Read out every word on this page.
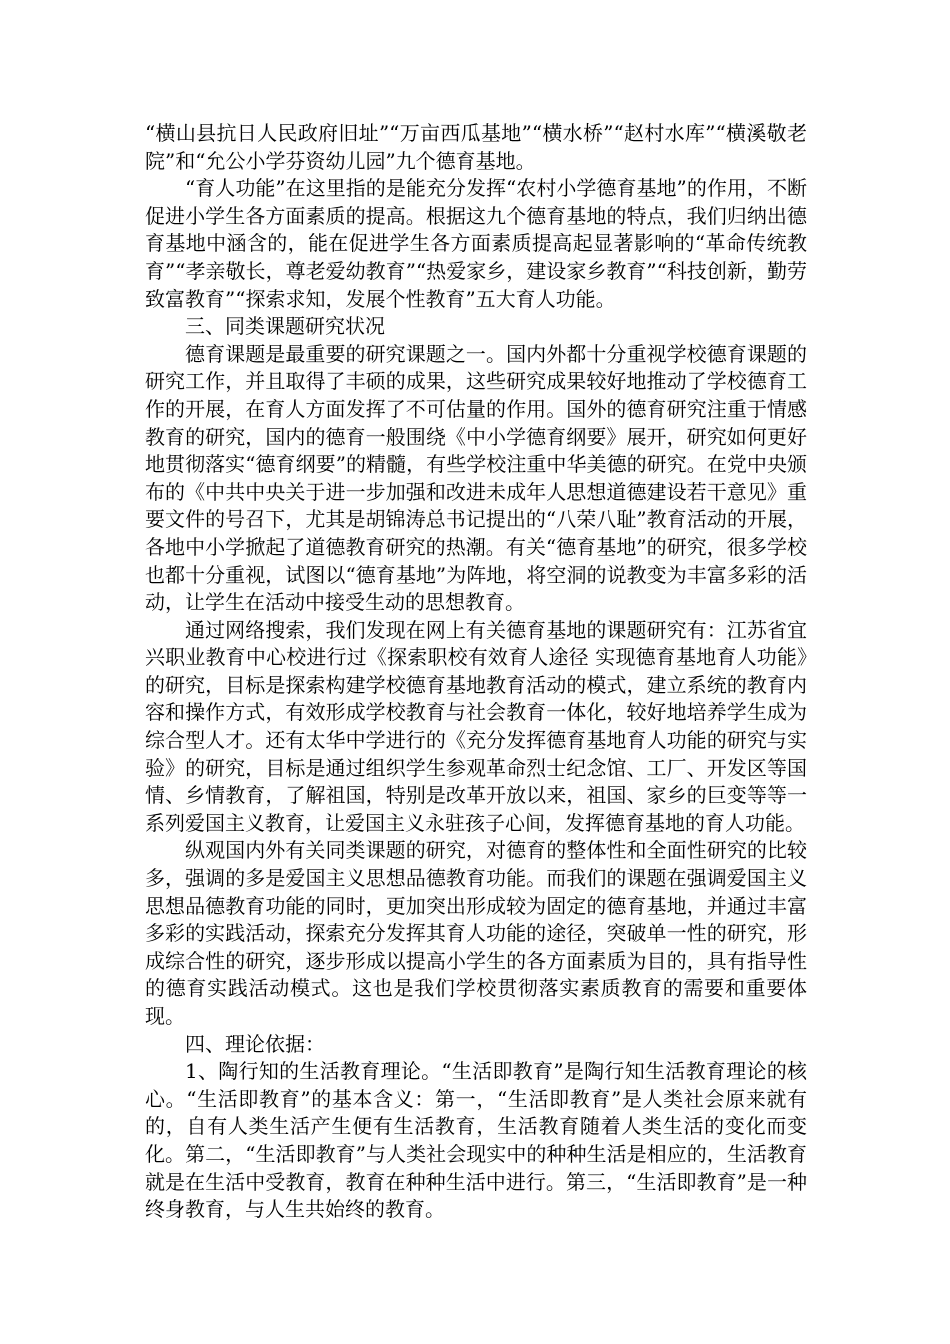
“横山县抗日人民政府旧址”“万亩西瓜基地”“横水桥”“赵村水库”“横溪敬老院”和“允公小学芬资幼儿园”九个德育基地。

“育人功能”在这里指的是能充分发挥“农村小学德育基地”的作用，不断促进小学生各方面素质的提高。根据这九个德育基地的特点，我们归纳出德育基地中涵含的，能在促进学生各方面素质提高起显著影响的“革命传统教育”“孝亲敬长，尊老爱幼教育”“热爱家乡，建设家乡教育”“科技创新，勤劳致富教育”“探索求知，发展个性教育”五大育人功能。

三、同类课题研究状况

德育课题是最重要的研究课题之一。国内外都十分重视学校德育课题的研究工作，并且取得了丰硕的成果，这些研究成果较好地推动了学校德育工作的开展，在育人方面发挥了不可估量的作用。国外的德育研究注重于情感教育的研究，国内的德育一般围绕《中小学德育纲要》展开，研究如何更好地贯彻落实“德育纲要”的精髓，有些学校注重中华美德的研究。在党中央颁布的《中共中央关于进一步加强和改进未成年人思想道德建设若干意见》重要文件的号召下，尤其是胡锦涛总书记提出的“八荣八耻”教育活动的开展，各地中小学掀起了道德教育研究的热潮。有关“德育基地”的研究，很多学校也都十分重视，试图以“德育基地”为阵地，将空洞的说教变为丰富多彩的活动，让学生在活动中接受生动的思想教育。

通过网络搜索，我们发现在网上有关德育基地的课题研究有：江苏省宜兴职业教育中心校进行过《探索职校有效育人途径 实现德育基地育人功能》的研究，目标是探索构建学校德育基地教育活动的模式，建立系统的教育内容和操作方式，有效形成学校教育与社会教育一体化，较好地培养学生成为综合型人才。还有太华中学进行的《充分发挥德育基地育人功能的研究与实验》的研究，目标是通过组织学生参观革命烈士纪念馆、工厂、开发区等国情、乡情教育，了解祖国，特别是改革开放以来，祖国、家乡的巨变等等一系列爱国主义教育，让爱国主义永驻孩子心间，发挥德育基地的育人功能。

纵观国内外有关同类课题的研究，对德育的整体性和全面性研究的比较多，强调的多是爱国主义思想品德教育功能。而我们的课题在强调爱国主义思想品德教育功能的同时，更加突出形成较为固定的德育基地，并通过丰富多彩的实践活动，探索充分发挥其育人功能的途径，突破单一性的研究，形成综合性的研究，逐步形成以提高小学生的各方面素质为目的，具有指导性的德育实践活动模式。这也是我们学校贯彻落实素质教育的需要和重要体现。

四、理论依据：

1、陶行知的生活教育理论。“生活即教育”是陶行知生活教育理论的核心。“生活即教育”的基本含义：第一，“生活即教育”是人类社会原来就有的，自有人类生活产生便有生活教育，生活教育随着人类生活的变化而变化。第二，“生活即教育”与人类社会现实中的种种生活是相应的，生活教育就是在生活中受教育，教育在种种生活中进行。第三，“生活即教育”是一种终身教育，与人生共始终的教育。
